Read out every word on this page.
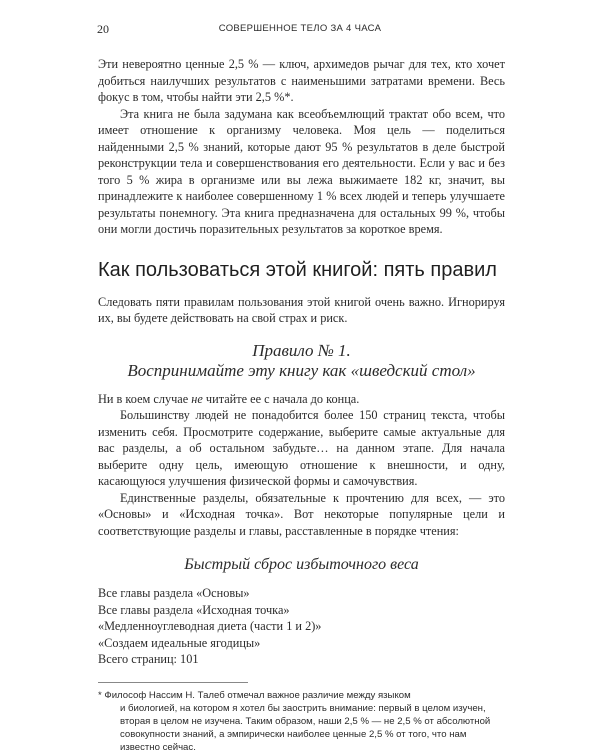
20	СОВЕРШЕННОЕ ТЕЛО ЗА 4 ЧАСА

Эти невероятно ценные 2,5 % — ключ, архимедов рычаг для тех, кто хочет добиться наилучших результатов с наименьшими затратами времени. Весь фокус в том, чтобы найти эти 2,5 %*.

Эта книга не была задумана как всеобъемлющий трактат обо всем, что имеет отношение к организму человека. Моя цель — поделиться найденными 2,5 % знаний, которые дают 95 % результатов в деле быстрой реконструкции тела и совершенствования его деятельности. Если у вас и без того 5 % жира в организме или вы лежа выжимаете 182 кг, значит, вы принадлежите к наиболее совершенному 1 % всех людей и теперь улучшаете результаты понемногу. Эта книга предназначена для остальных 99 %, чтобы они могли достичь поразительных результатов за короткое время.

Как пользоваться этой книгой: пять правил

Следовать пяти правилам пользования этой книгой очень важно. Игнорируя их, вы будете действовать на свой страх и риск.

Правило № 1.
Воспринимайте эту книгу как «шведский стол»

Ни в коем случае не читайте ее с начала до конца.

Большинству людей не понадобится более 150 страниц текста, чтобы изменить себя. Просмотрите содержание, выберите самые актуальные для вас разделы, а об остальном забудьте… на данном этапе. Для начала выберите одну цель, имеющую отношение к внешности, и одну, касающуюся улучшения физической формы и самочувствия.

Единственные разделы, обязательные к прочтению для всех, — это «Основы» и «Исходная точка». Вот некоторые популярные цели и соответствующие разделы и главы, расставленные в порядке чтения:

Быстрый сброс избыточного веса

Все главы раздела «Основы»

Все главы раздела «Исходная точка»

«Медленноуглеводная диета (части 1 и 2)»

«Создаем идеальные ягодицы»

Всего страниц: 101

* Философ Нассим Н. Талеб отмечал важное различие между языком
и биологией, на котором я хотел бы заострить внимание: первый в целом изучен, вторая в целом не изучена. Таким образом, наши 2,5 % — не 2,5 % от абсолютной совокупности знаний, а эмпирически наиболее ценные 2,5 % от того, что нам известно сейчас.
